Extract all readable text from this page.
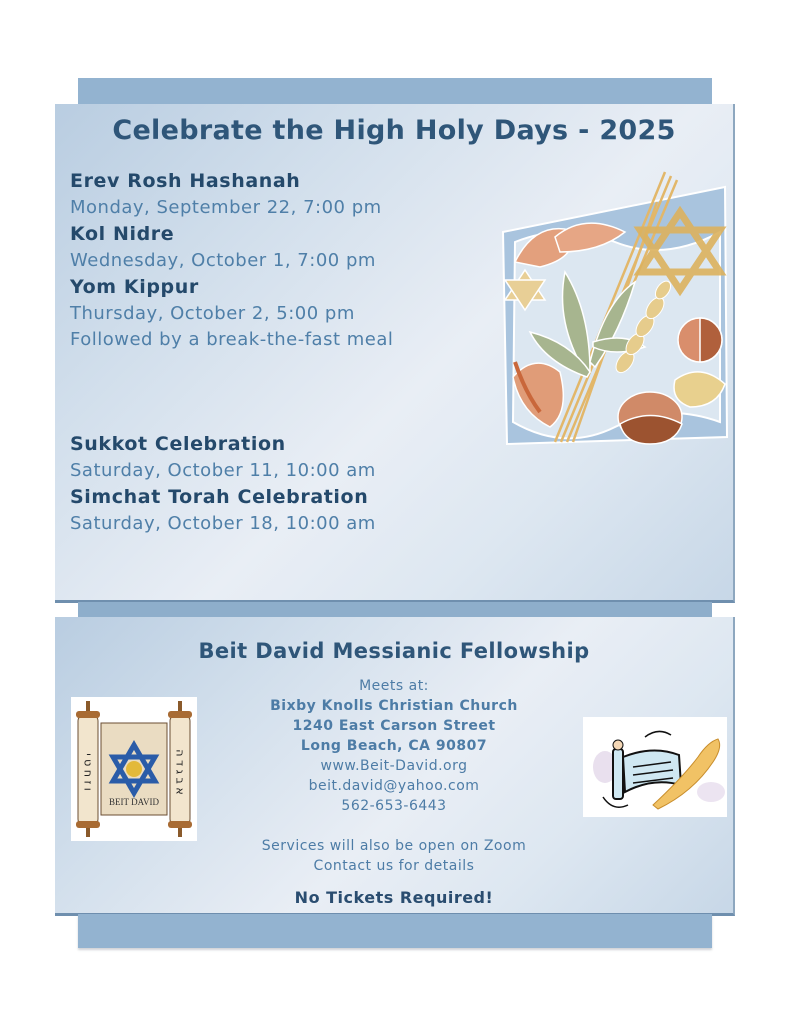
Celebrate the High Holy Days - 2025
Erev Rosh Hashanah
Monday, September 22, 7:00 pm
Kol Nidre
Wednesday, October 1, 7:00 pm
Yom Kippur
Thursday, October 2, 5:00 pm
Followed by a break-the-fast meal
Sukkot Celebration
Saturday, October 11, 10:00 am
Simchat Torah Celebration
Saturday, October 18, 10:00 am
Beit David Messianic Fellowship
BEIT DAVID
ו ז ח ט י	א ב ג ד ה
Meets at:
Bixby Knolls Christian Church
1240 East Carson Street
Long Beach, CA 90807
www.Beit-David.org
beit.david@yahoo.com
562-653-6443
Services will also be open on Zoom
Contact us for details
No Tickets Required!
